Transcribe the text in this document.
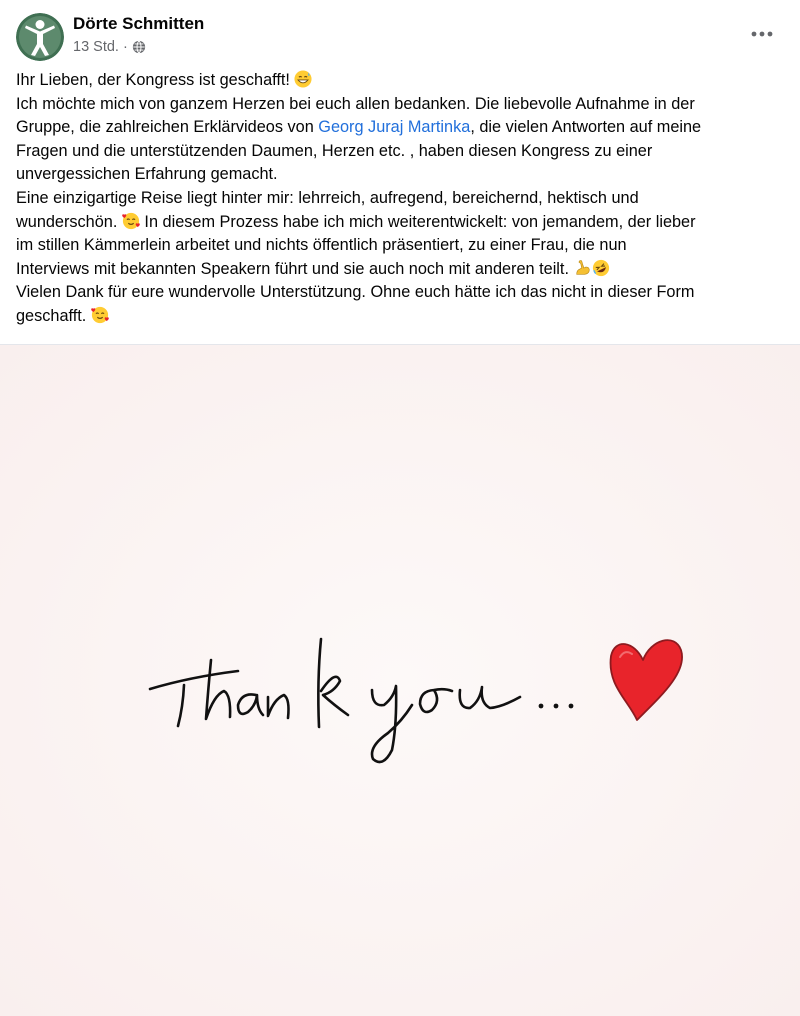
Dörte Schmitten
13 Std. ·
Ihr Lieben, der Kongress ist geschafft!
Ich möchte mich von ganzem Herzen bei euch allen bedanken. Die liebevolle Aufnahme in der
Gruppe, die zahlreichen Erklärvideos von Georg Juraj Martinka, die vielen Antworten auf meine
Fragen und die unterstützenden Daumen, Herzen etc. , haben diesen Kongress zu einer
unvergessichen Erfahrung gemacht.
Eine einzigartige Reise liegt hinter mir: lehrreich, aufregend, bereichernd, hektisch und
wunderschön.  In diesem Prozess habe ich mich weiterentwickelt: von jemandem, der lieber
im stillen Kämmerlein arbeitet und nichts öffentlich präsentiert, zu einer Frau, die nun
Interviews mit bekannten Speakern führt und sie auch noch mit anderen teilt.
Vielen Dank für eure wundervolle Unterstützung. Ohne euch hätte ich das nicht in dieser Form
geschafft.
